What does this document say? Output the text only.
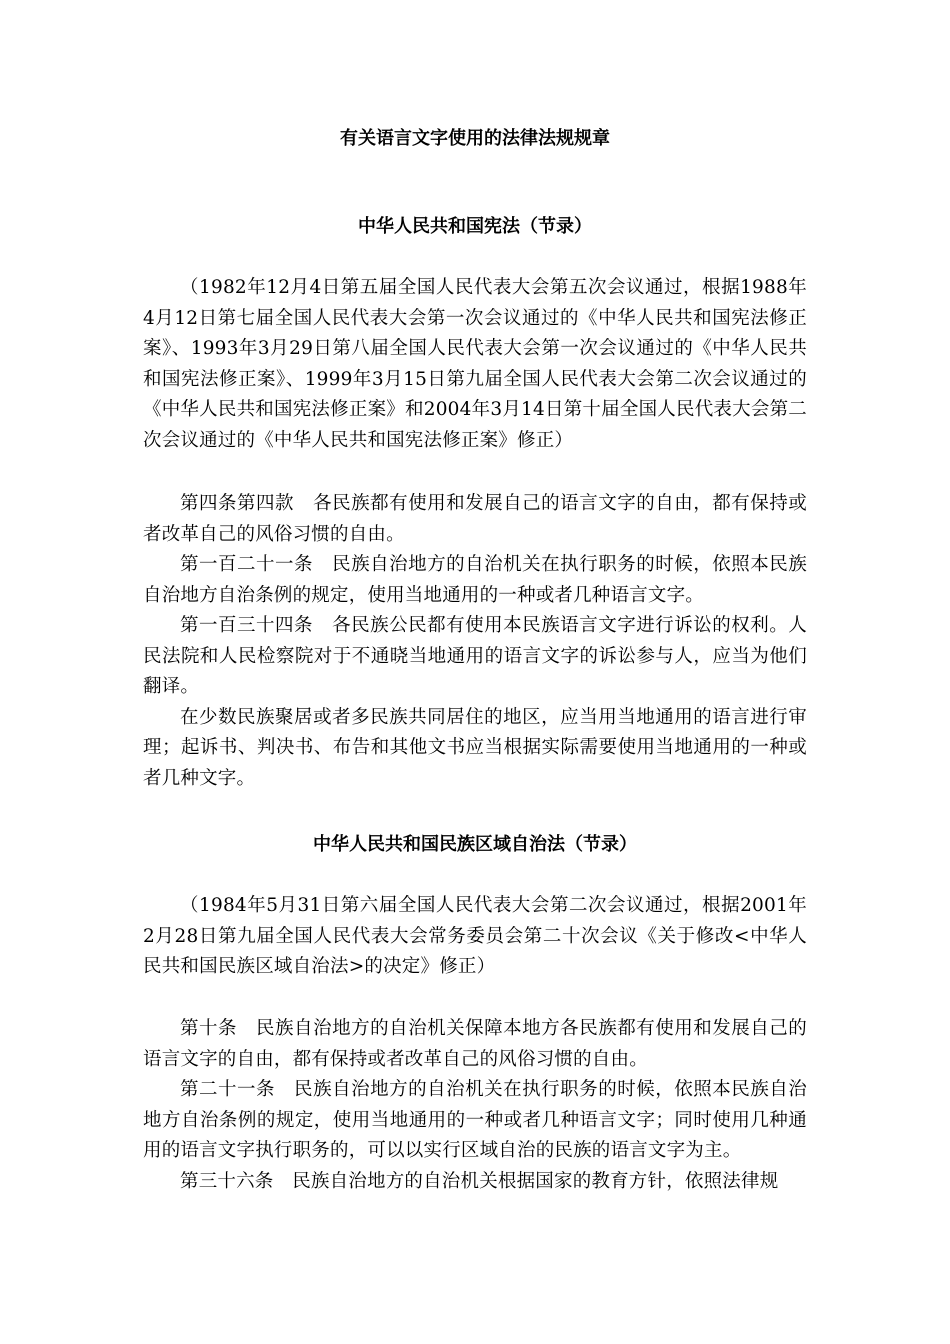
有关语言文字使用的法律法规规章
中华人民共和国宪法（节录）

（1982年12月4日第五届全国人民代表大会第五次会议通过，根据1988年4月12日第七届全国人民代表大会第一次会议通过的《中华人民共和国宪法修正案》、1993年3月29日第八届全国人民代表大会第一次会议通过的《中华人民共和国宪法修正案》、1999年3月15日第九届全国人民代表大会第二次会议通过的《中华人民共和国宪法修正案》和2004年3月14日第十届全国人民代表大会第二次会议通过的《中华人民共和国宪法修正案》修正）

第四条第四款　各民族都有使用和发展自己的语言文字的自由，都有保持或者改革自己的风俗习惯的自由。

第一百二十一条　民族自治地方的自治机关在执行职务的时候，依照本民族自治地方自治条例的规定，使用当地通用的一种或者几种语言文字。

第一百三十四条　各民族公民都有使用本民族语言文字进行诉讼的权利。人民法院和人民检察院对于不通晓当地通用的语言文字的诉讼参与人，应当为他们翻译。

在少数民族聚居或者多民族共同居住的地区，应当用当地通用的语言进行审理；起诉书、判决书、布告和其他文书应当根据实际需要使用当地通用的一种或者几种文字。

中华人民共和国民族区域自治法（节录）

（1984年5月31日第六届全国人民代表大会第二次会议通过，根据2001年2月28日第九届全国人民代表大会常务委员会第二十次会议《关于修改<中华人民共和国民族区域自治法>的决定》修正）

第十条　民族自治地方的自治机关保障本地方各民族都有使用和发展自己的语言文字的自由，都有保持或者改革自己的风俗习惯的自由。

第二十一条　民族自治地方的自治机关在执行职务的时候，依照本民族自治地方自治条例的规定，使用当地通用的一种或者几种语言文字；同时使用几种通用的语言文字执行职务的，可以以实行区域自治的民族的语言文字为主。

第三十六条　民族自治地方的自治机关根据国家的教育方针，依照法律规
